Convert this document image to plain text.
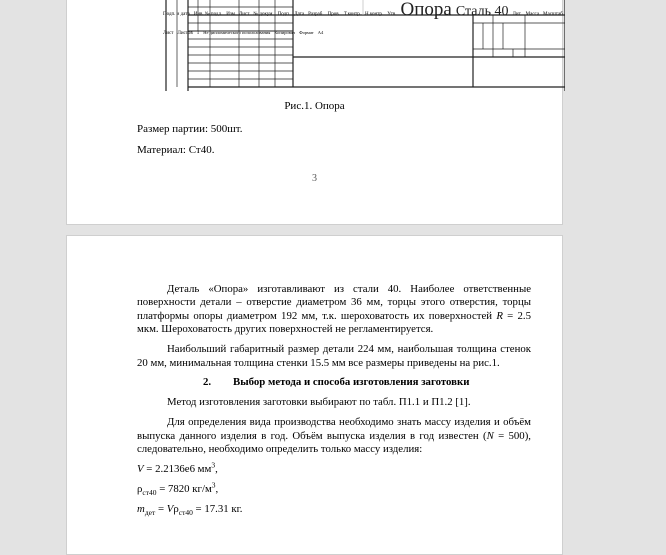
Подп. и дата Инв. № подл. Изм Лист № докум. Подп. Дата Разраб. Пров. Т.контр. Н.контр. Утв. Опора Сталь 40 Лит. Масса Масштаб Лист Листов 1 Не дипломического использования Копировал Формат А4
Рис.1. Опора
Размер партии: 500шт.
Материал: Ст40.
3

Деталь «Опора» изготавливают из стали 40. Наиболее ответственные поверхности детали – отверстие диаметром 36 мм, торцы этого отверстия, торцы платформы опоры диаметром 192 мм, т.к. шероховатость их поверхностей R = 2.5 мкм. Шероховатость других поверхностей не регламентируется.

Наибольший габаритный размер детали 224 мм, наибольшая толщина стенок 20 мм, минимальная толщина стенки 15.5 мм все размеры приведены на рис.1.

2. Выбор метода и способа изготовления заготовки

Метод изготовления заготовки выбирают по табл. П1.1 и П1.2 [1].

Для определения вида производства необходимо знать массу изделия и объём выпуска данного изделия в год. Объём выпуска изделия в год известен (N = 500), следовательно, необходимо определить только массу изделия:

V = 2.2136e6 $мм^3$,

$\rho_{ст40} = 7820$ $кг/м^3$,

$m_{дет} = V\rho_{ст40} = 17.31$ кг.
